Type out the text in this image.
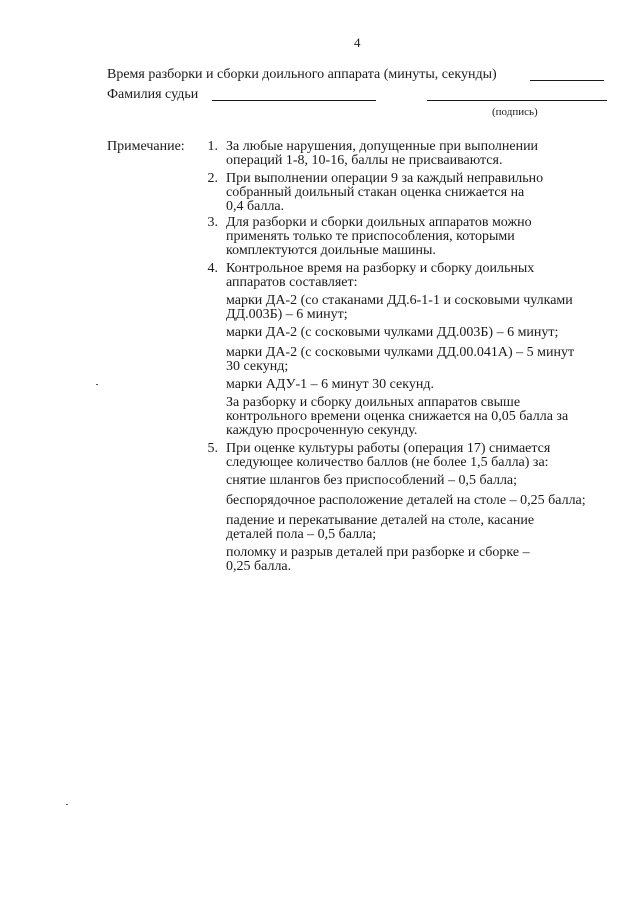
4
Время разборки и сборки доильного аппарата (минуты, секунды)
Фамилия судьи
(подпись)
Примечание:	1. За любые нарушения, допущенные при выполнении
операций 1-8, 10-16, баллы не присваиваются.
2. При выполнении операции 9 за каждый неправильно
собранный доильный стакан оценка снижается на
0,4 балла.
3. Для разборки и сборки доильных аппаратов можно
применять только те приспособления, которыми
комплектуются доильные машины.
4. Контрольное время на разборку и сборку доильных
аппаратов составляет:
марки ДА-2 (со стаканами ДД.6-1-1 и сосковыми чулками
ДД.003Б) – 6 минут;
марки ДА-2 (с сосковыми чулками ДД.003Б) – 6 минут;
марки ДА-2 (с сосковыми чулками ДД.00.041А) – 5 минут
30 секунд;
марки АДУ-1 – 6 минут 30 секунд.
За разборку и сборку доильных аппаратов свыше
контрольного времени оценка снижается на 0,05 балла за
каждую просроченную секунду.
5. При оценке культуры работы (операция 17) снимается
следующее количество баллов (не более 1,5 балла) за:
снятие шлангов без приспособлений – 0,5 балла;
беспорядочное расположение деталей на столе – 0,25 балла;
падение и перекатывание деталей на столе, касание
деталей пола – 0,5 балла;
поломку и разрыв деталей при разборке и сборке –
0,25 балла.
